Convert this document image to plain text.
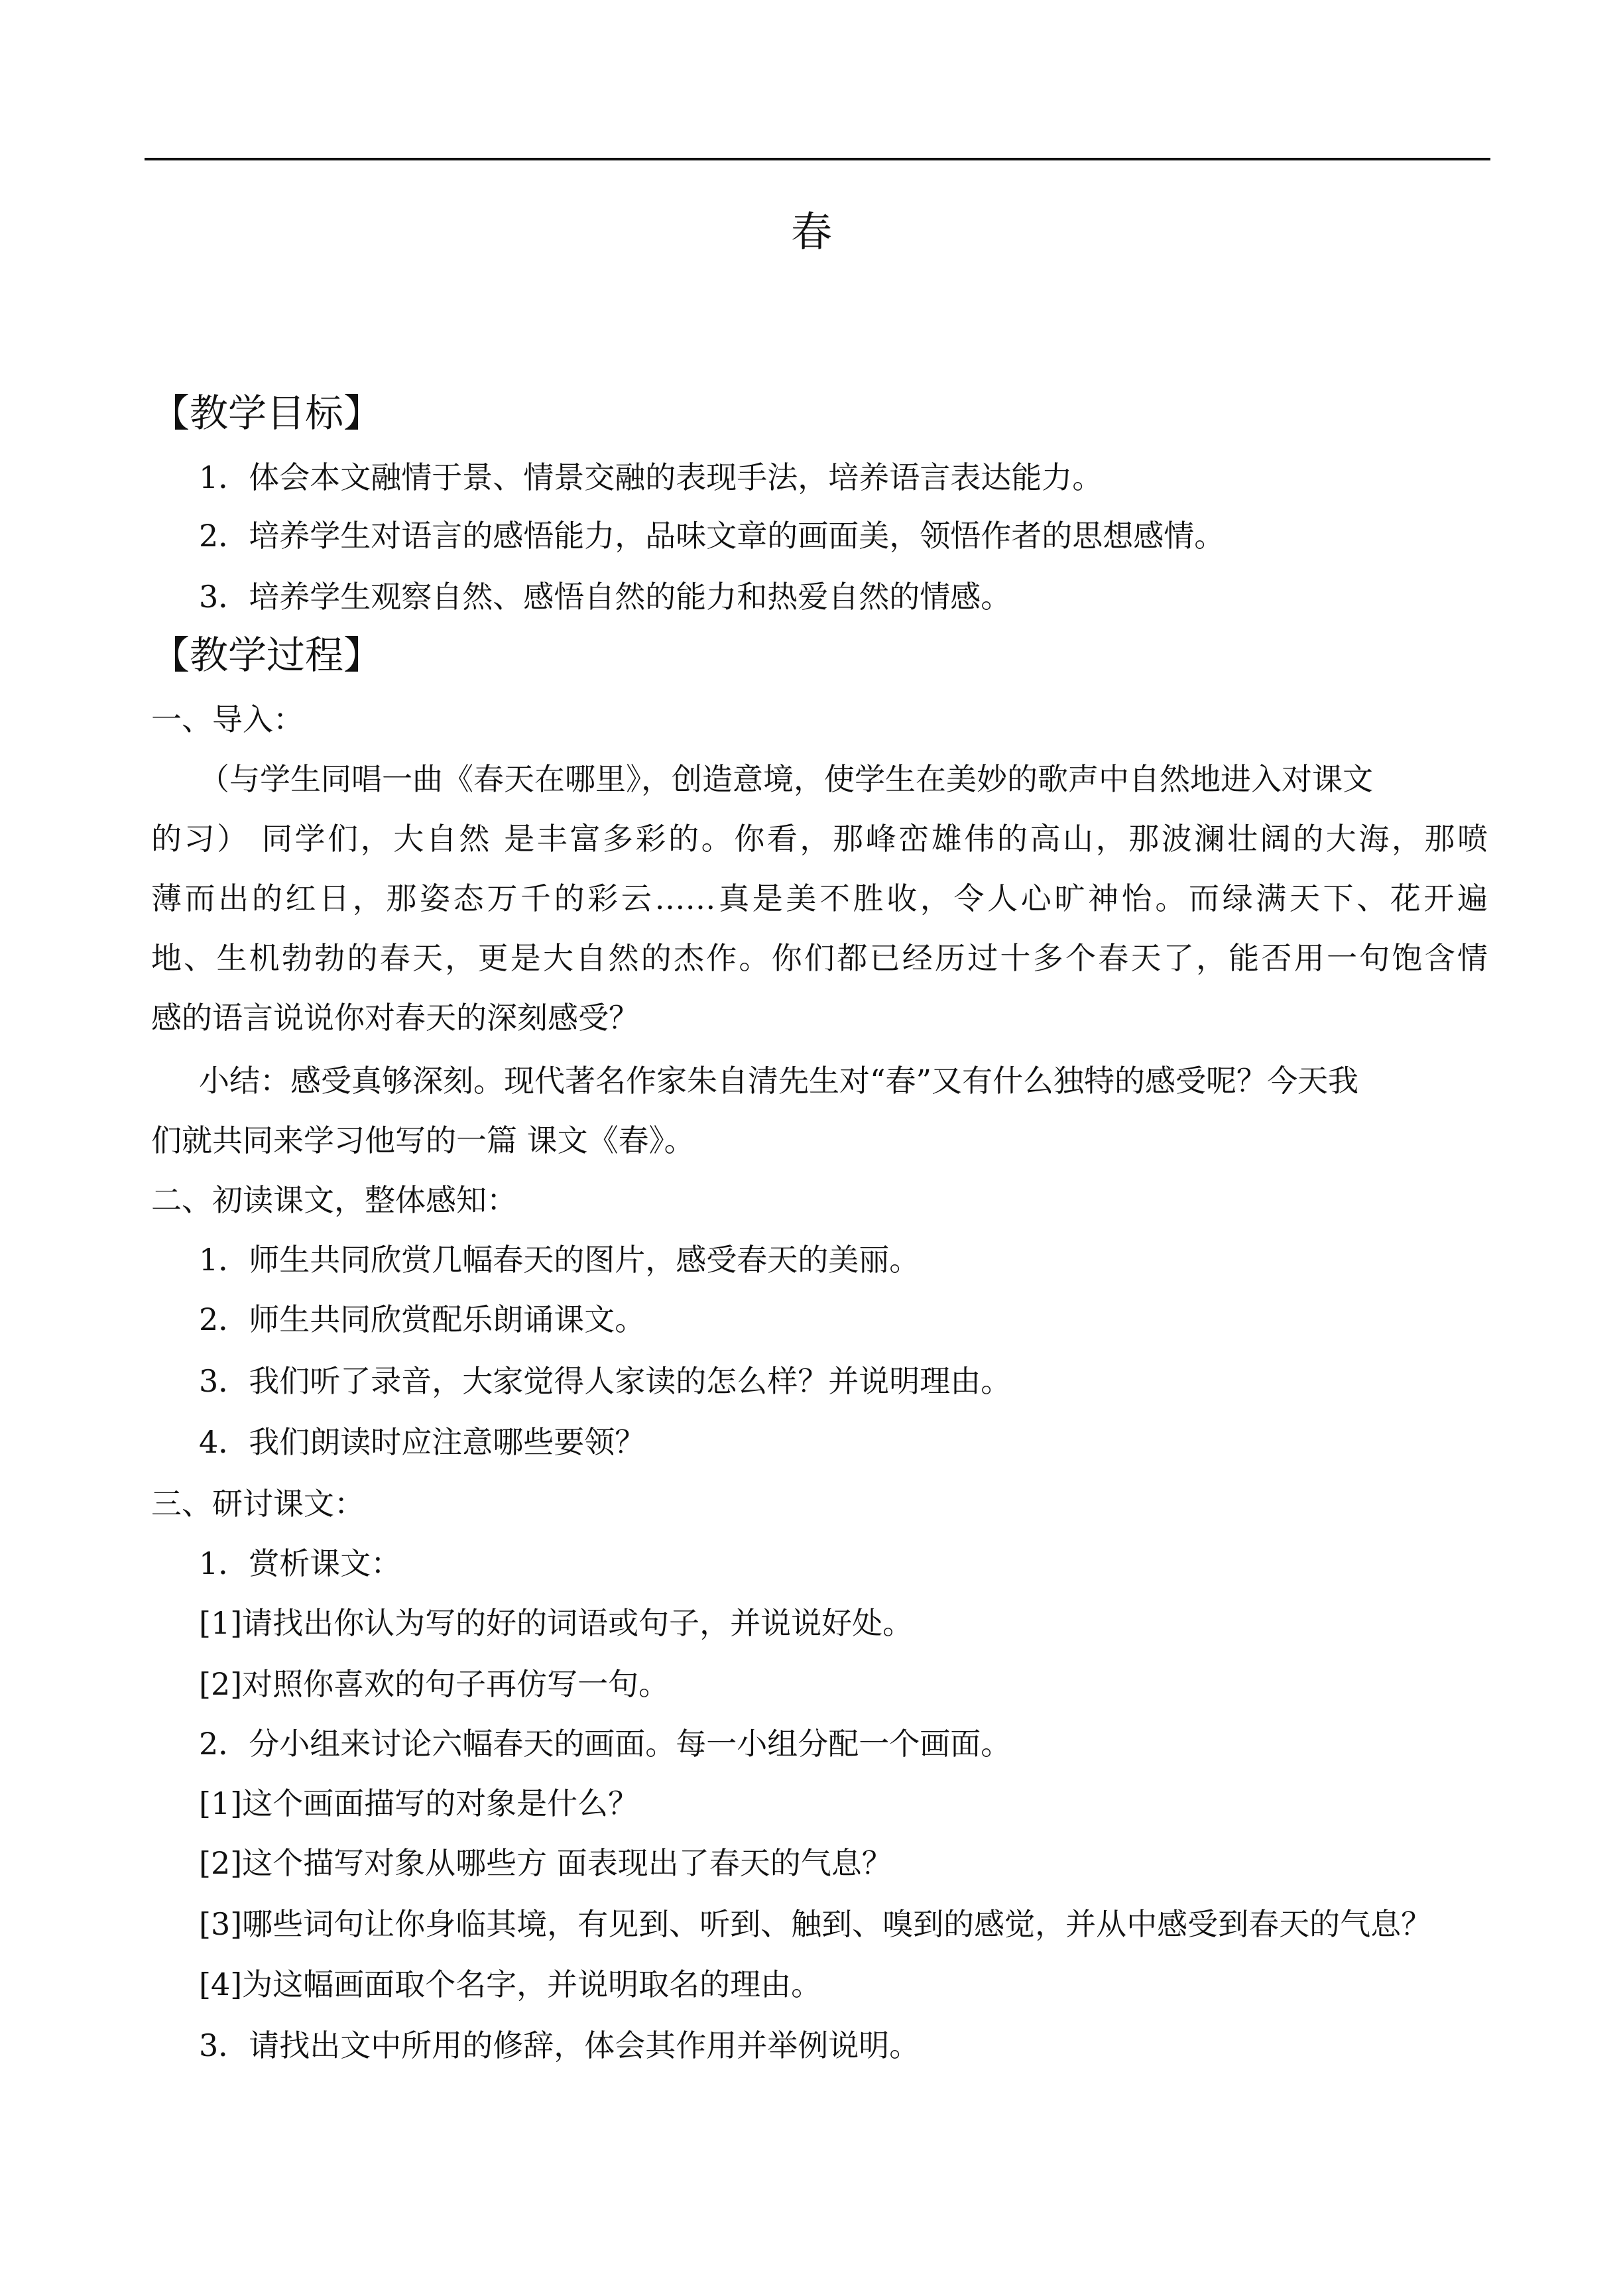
春
【教学目标】
1．体会本文融情于景、情景交融的表现手法，培养语言表达能力。
2．培养学生对语言的感悟能力，品味文章的画面美，领悟作者的思想感情。
3．培养学生观察自然、感悟自然的能力和热爱自然的情感。
【教学过程】
一、导入：
（与学生同唱一曲《春天在哪里》，创造意境，使学生在美妙的歌声中自然地进入对课文
的习） 同学们，大自然 是丰富多彩的。你看，那峰峦雄伟的高山，那波澜壮阔的大海，那喷
薄而出的红日，那姿态万千的彩云……真是美不胜收，令人心旷神怡。而绿满天下、花开遍
地、生机勃勃的春天，更是大自然的杰作。你们都已经历过十多个春天了，能否用一句饱含情
感的语言说说你对春天的深刻感受？
小结：感受真够深刻。现代著名作家朱自清先生对“春”又有什么独特的感受呢？今天我
们就共同来学习他写的一篇 课文《春》。
二、初读课文，整体感知：
1．师生共同欣赏几幅春天的图片，感受春天的美丽。
2．师生共同欣赏配乐朗诵课文。
3．我们听了录音，大家觉得人家读的怎么样？并说明理由。
4．我们朗读时应注意哪些要领？
三、研讨课文：
1．赏析课文：
[1]请找出你认为写的好的词语或句子，并说说好处。
[2]对照你喜欢的句子再仿写一句。
2．分小组来讨论六幅春天的画面。每一小组分配一个画面。
[1]这个画面描写的对象是什么？
[2]这个描写对象从哪些方 面表现出了春天的气息？
[3]哪些词句让你身临其境，有见到、听到、触到、嗅到的感觉，并从中感受到春天的气息？
[4]为这幅画面取个名字，并说明取名的理由。
3．请找出文中所用的修辞，体会其作用并举例说明。
